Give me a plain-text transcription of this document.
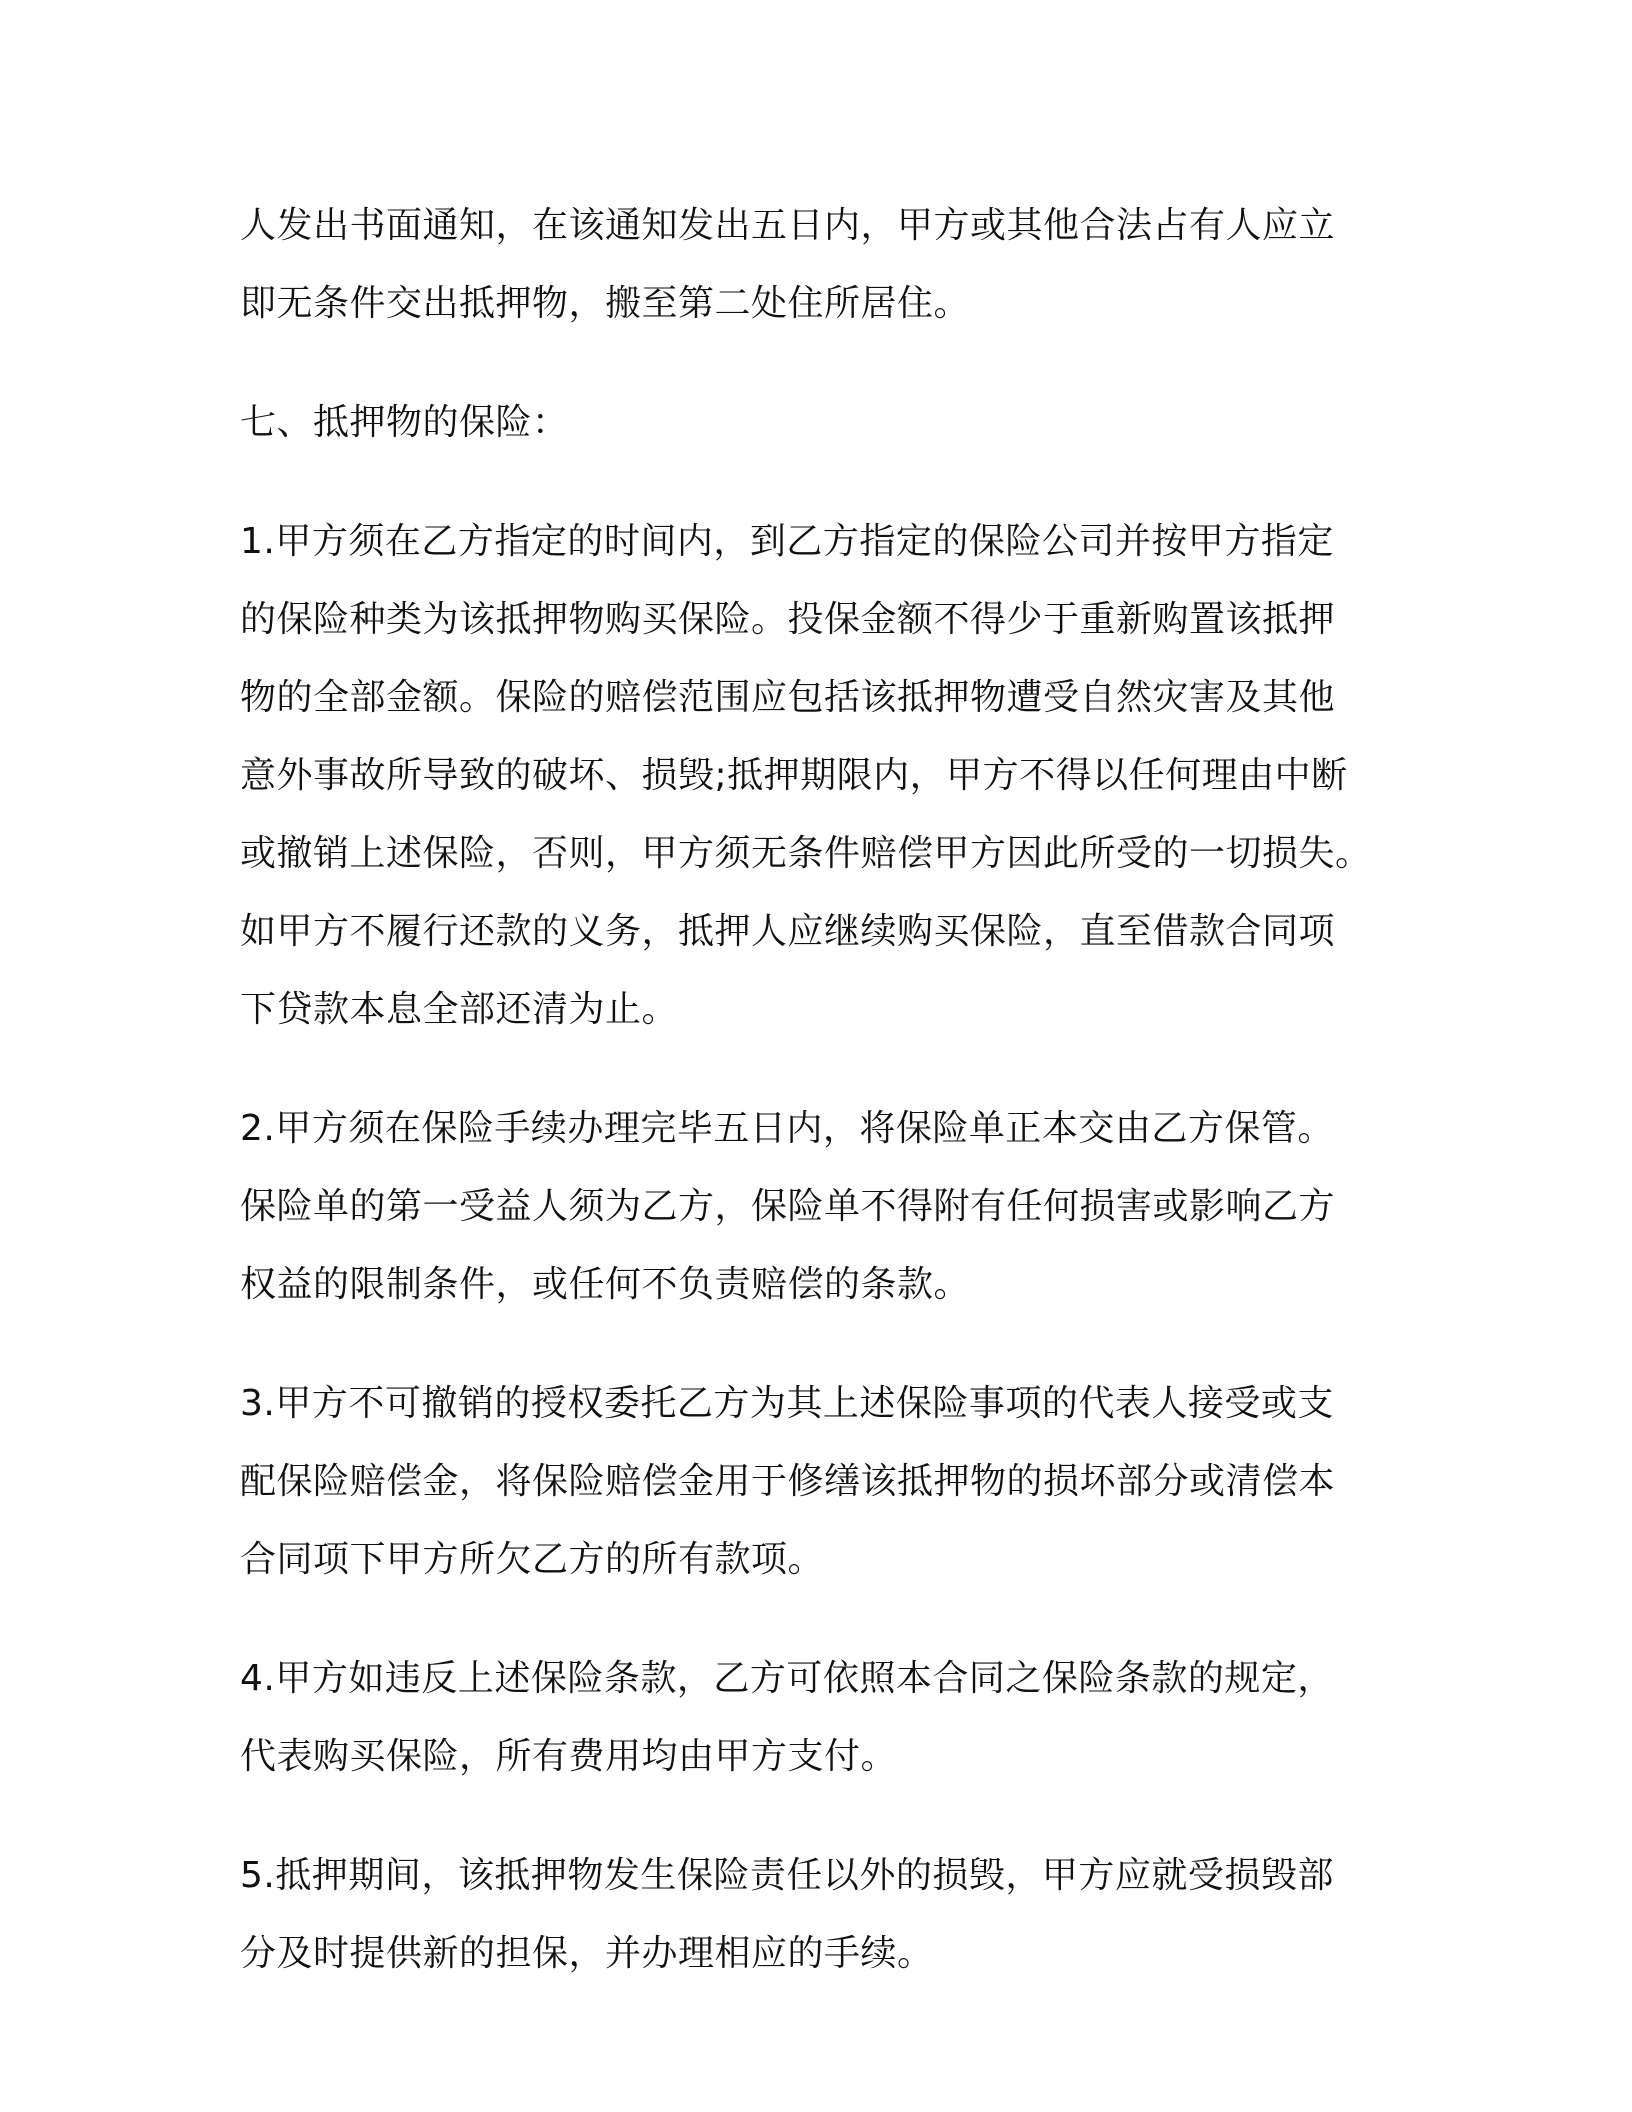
人发出书面通知，在该通知发出五日内，甲方或其他合法占有人应立
即无条件交出抵押物，搬至第二处住所居住。

七、抵押物的保险：

1.甲方须在乙方指定的时间内，到乙方指定的保险公司并按甲方指定
的保险种类为该抵押物购买保险。投保金额不得少于重新购置该抵押
物的全部金额。保险的赔偿范围应包括该抵押物遭受自然灾害及其他
意外事故所导致的破坏、损毁;抵押期限内，甲方不得以任何理由中断
或撤销上述保险，否则，甲方须无条件赔偿甲方因此所受的一切损失。
如甲方不履行还款的义务，抵押人应继续购买保险，直至借款合同项
下贷款本息全部还清为止。

2.甲方须在保险手续办理完毕五日内，将保险单正本交由乙方保管。
保险单的第一受益人须为乙方，保险单不得附有任何损害或影响乙方
权益的限制条件，或任何不负责赔偿的条款。

3.甲方不可撤销的授权委托乙方为其上述保险事项的代表人接受或支
配保险赔偿金，将保险赔偿金用于修缮该抵押物的损坏部分或清偿本
合同项下甲方所欠乙方的所有款项。

4.甲方如违反上述保险条款，乙方可依照本合同之保险条款的规定，
代表购买保险，所有费用均由甲方支付。

5.抵押期间，该抵押物发生保险责任以外的损毁，甲方应就受损毁部
分及时提供新的担保，并办理相应的手续。
